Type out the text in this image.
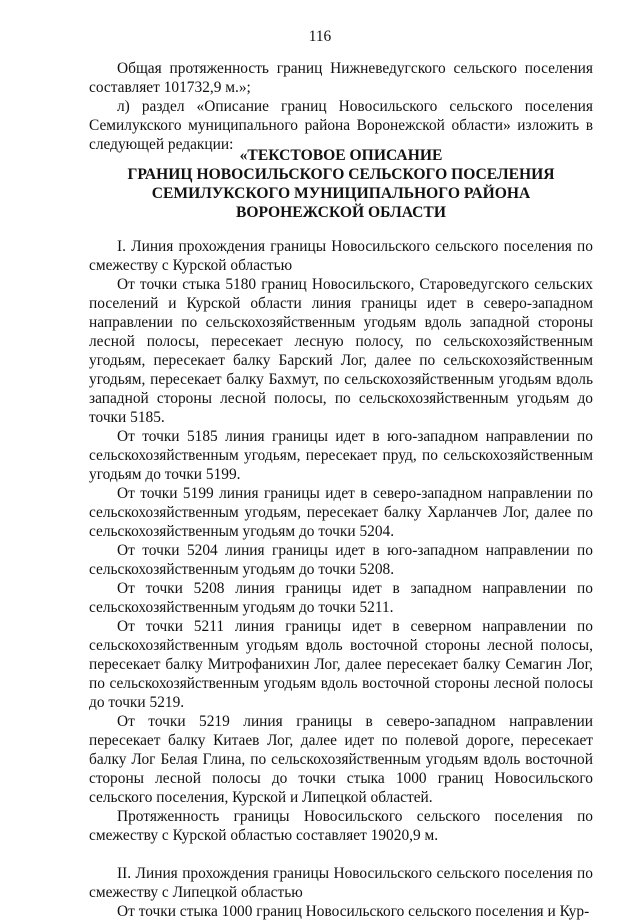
116

Общая протяженность границ Нижневедугского сельского поселения составляет 101732,9 м.»;

л) раздел «Описание границ Новосильского сельского поселения Семилукского муниципального района Воронежской области» изложить в следующей редакции:

«ТЕКСТОВОЕ ОПИСАНИЕ
ГРАНИЦ НОВОСИЛЬСКОГО СЕЛЬСКОГО ПОСЕЛЕНИЯ
СЕМИЛУКСКОГО МУНИЦИПАЛЬНОГО РАЙОНА
ВОРОНЕЖСКОЙ ОБЛАСТИ

I. Линия прохождения границы Новосильского сельского поселения по смежеству с Курской областью

От точки стыка 5180 границ Новосильского, Староведугского сельских поселений и Курской области линия границы идет в северо-западном направлении по сельскохозяйственным угодьям вдоль западной стороны лесной полосы, пересекает лесную полосу, по сельскохозяйственным угодьям, пересекает балку Барский Лог, далее по сельскохозяйственным угодьям, пересекает балку Бахмут, по сельскохозяйственным угодьям вдоль западной стороны лесной полосы, по сельскохозяйственным угодьям до точки 5185.

От точки 5185 линия границы идет в юго-западном направлении по сельскохозяйственным угодьям, пересекает пруд, по сельскохозяйственным угодьям до точки 5199.

От точки 5199 линия границы идет в северо-западном направлении по сельскохозяйственным угодьям, пересекает балку Харланчев Лог, далее по сельскохозяйственным угодьям до точки 5204.

От точки 5204 линия границы идет в юго-западном направлении по сельскохозяйственным угодьям до точки 5208.

От точки 5208 линия границы идет в западном направлении по сельскохозяйственным угодьям до точки 5211.

От точки 5211 линия границы идет в северном направлении по сельскохозяйственным угодьям вдоль восточной стороны лесной полосы, пересекает балку Митрофанихин Лог, далее пересекает балку Семагин Лог, по сельскохозяйственным угодьям вдоль восточной стороны лесной полосы до точки 5219.

От точки 5219 линия границы в северо-западном направлении пересекает балку Китаев Лог, далее идет по полевой дороге, пересекает балку Лог Белая Глина, по сельскохозяйственным угодьям вдоль восточной стороны лесной полосы до точки стыка 1000 границ Новосильского сельского поселения, Курской и Липецкой областей.

Протяженность границы Новосильского сельского поселения по смежеству с Курской областью составляет 19020,9 м.

II. Линия прохождения границы Новосильского сельского поселения по смежеству с Липецкой областью

От точки стыка 1000 границ Новосильского сельского поселения и Кур-
